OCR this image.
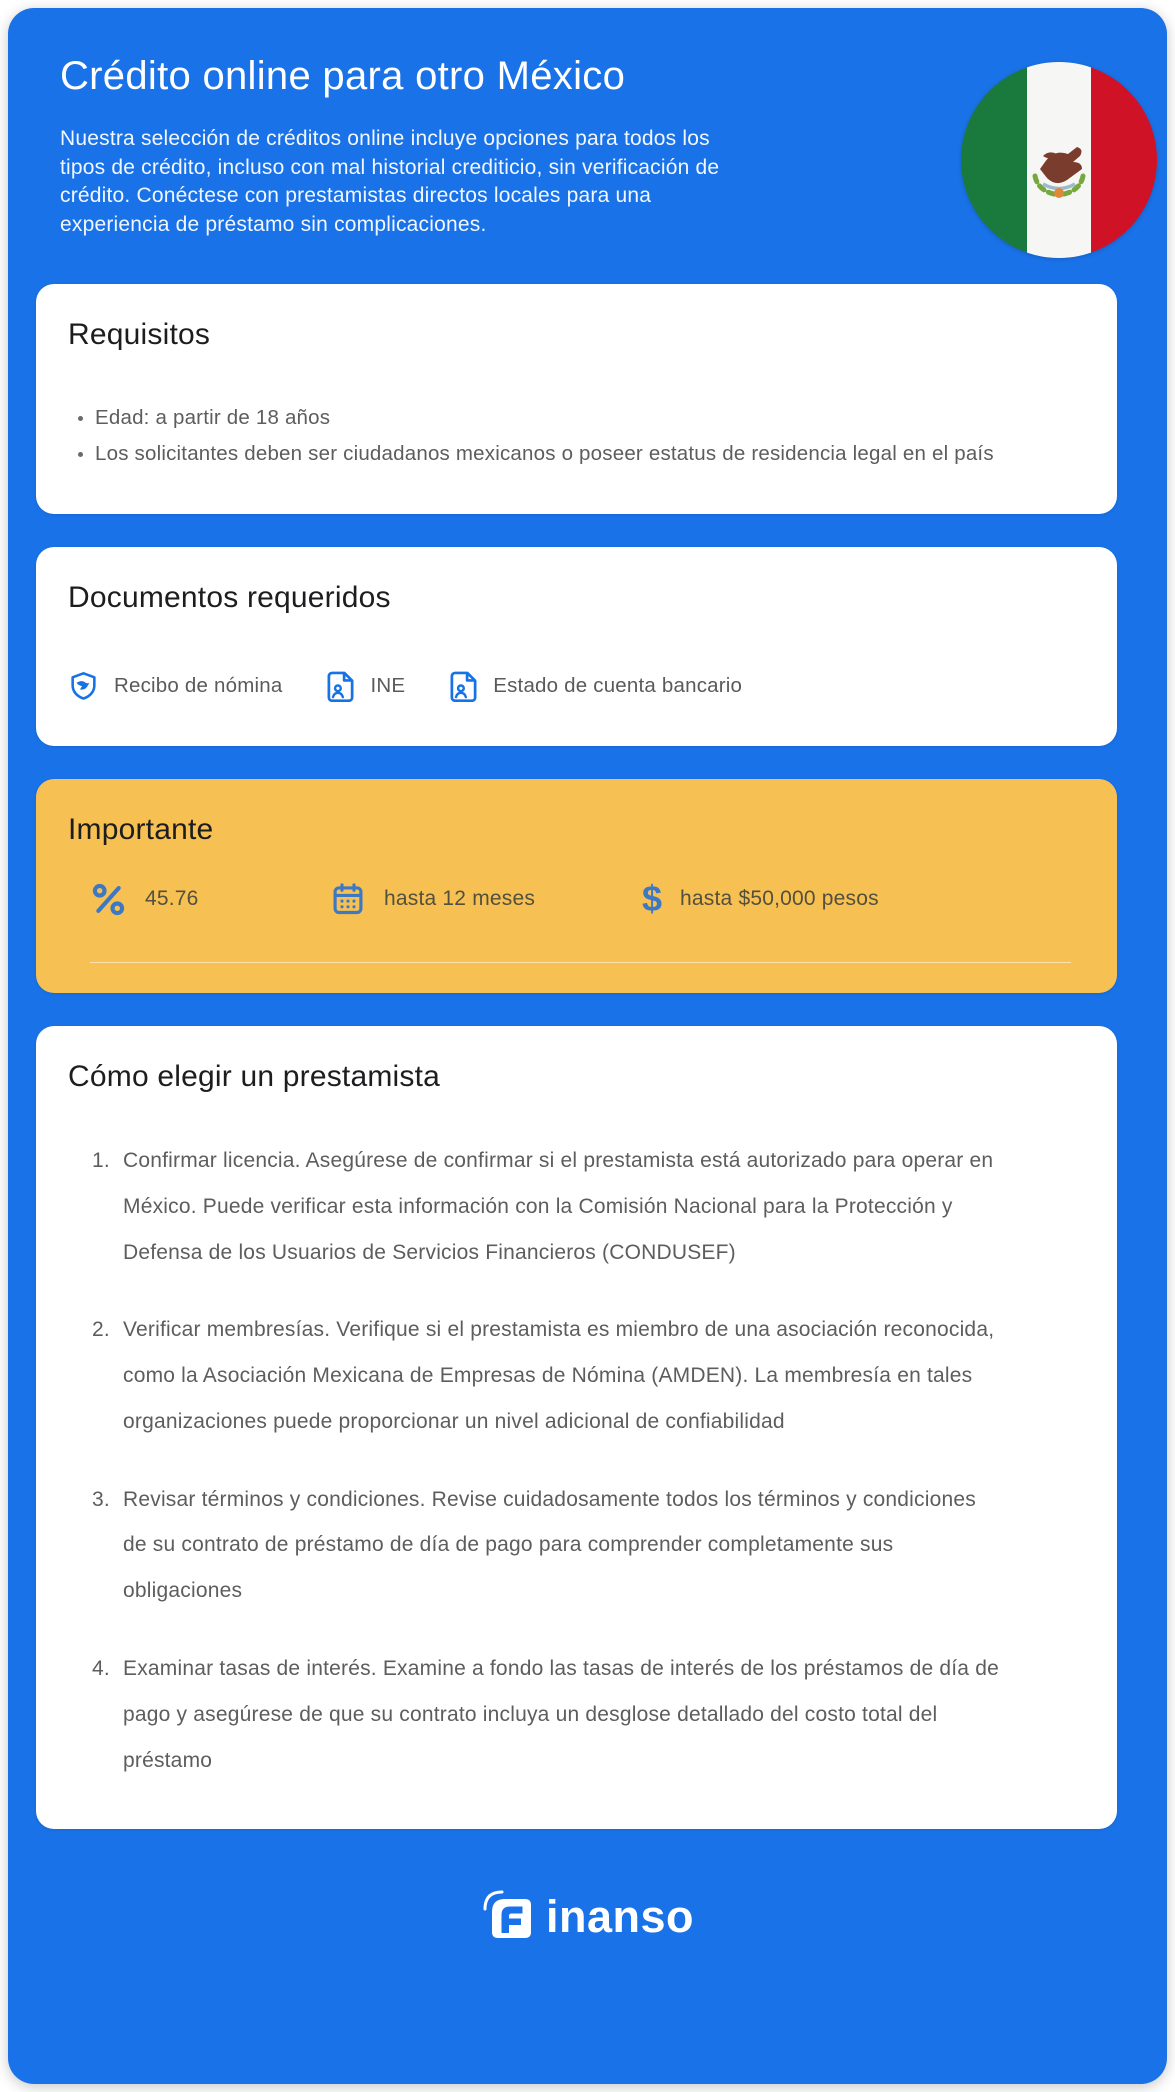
Crédito online para otro México

Nuestra selección de créditos online incluye opciones para todos los tipos de crédito, incluso con mal historial crediticio, sin verificación de crédito. Conéctese con prestamistas directos locales para una experiencia de préstamo sin complicaciones.

Requisitos
Edad: a partir de 18 años
Los solicitantes deben ser ciudadanos mexicanos o poseer estatus de residencia legal en el país
Documentos requeridos
Recibo de nómina	INE	Estado de cuenta bancario
Importante
45.76	hasta 12 meses	$ hasta $50,000 pesos
Cómo elegir un prestamista
1. Confirmar licencia. Asegúrese de confirmar si el prestamista está autorizado para operar en México. Puede verificar esta información con la Comisión Nacional para la Protección y Defensa de los Usuarios de Servicios Financieros (CONDUSEF)
2. Verificar membresías. Verifique si el prestamista es miembro de una asociación reconocida, como la Asociación Mexicana de Empresas de Nómina (AMDEN). La membresía en tales organizaciones puede proporcionar un nivel adicional de confiabilidad
3. Revisar términos y condiciones. Revise cuidadosamente todos los términos y condiciones de su contrato de préstamo de día de pago para comprender completamente sus obligaciones
4. Examinar tasas de interés. Examine a fondo las tasas de interés de los préstamos de día de pago y asegúrese de que su contrato incluya un desglose detallado del costo total del préstamo
inanso
